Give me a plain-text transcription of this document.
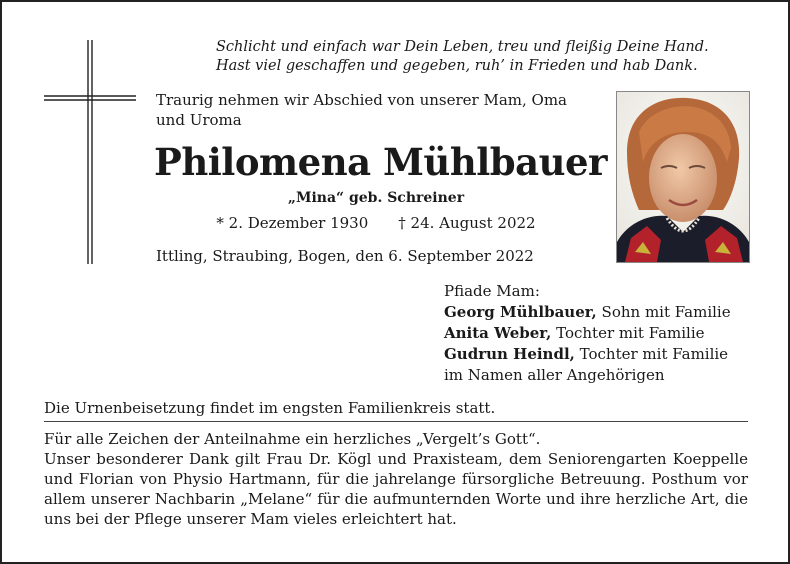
Schlicht und einfach war Dein Leben, treu und fleißig Deine Hand.
Hast viel geschaffen und gegeben, ruh’ in Frieden und hab Dank.
Traurig nehmen wir Abschied von unserer Mam, Oma und Uroma
Philomena Mühlbauer
„Mina“ geb. Schreiner
* 2. Dezember 1930 † 24. August 2022
Ittling, Straubing, Bogen, den 6. September 2022
Pfiade Mam:
Georg Mühlbauer, Sohn mit Familie
Anita Weber, Tochter mit Familie
Gudrun Heindl, Tochter mit Familie
im Namen aller Angehörigen
Die Urnenbeisetzung findet im engsten Familienkreis statt.

Für alle Zeichen der Anteilnahme ein herzliches „Vergelt’s Gott“.

Unser besonderer Dank gilt Frau Dr. Kögl und Praxisteam, dem Seniorengarten Koeppelle und Florian von Physio Hartmann, für die jahrelange fürsorgliche Betreuung. Posthum vor allem unserer Nachbarin „Melane“ für die aufmunternden Worte und ihre herzliche Art, die uns bei der Pflege unserer Mam vieles erleichtert hat.
